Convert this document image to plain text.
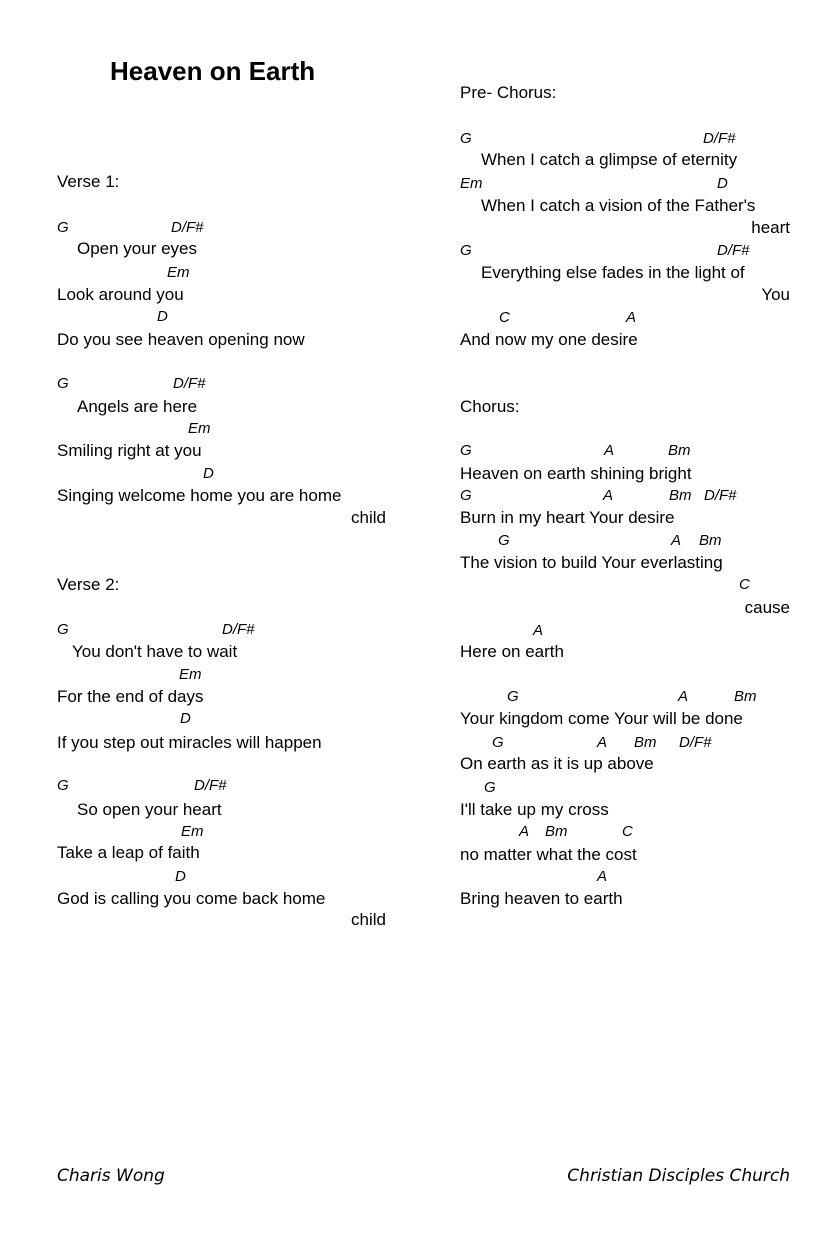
Heaven on Earth
Verse 1:
G	D/F#
Open your eyes
Em
Look around you
D
Do you see heaven opening now
G	D/F#
Angels are here
Em
Smiling right at you
D
Singing welcome home you are home
child
Verse 2:
G	D/F#
You don't have to wait
Em
For the end of days
D
If you step out miracles will happen
G	D/F#
So open your heart
Em
Take a leap of faith
D
God is calling you come back home
child
Pre- Chorus:
G	D/F#
When I catch a glimpse of eternity
Em	D
When I catch a vision of the Father's
heart
G	D/F#
Everything else fades in the light of
You
C	A
And now my one desire
Chorus:
G	A	Bm
Heaven on earth shining bright
G	A	Bm D/F#
Burn in my heart Your desire
G	A Bm
The vision to build Your everlasting
C
cause
A
Here on earth
G	A	Bm
Your kingdom come Your will be done
G	A Bm D/F#
On earth as it is up above
G
I'll take up my cross
A Bm	C
no matter what the cost
A
Bring heaven to earth
Charis Wong	Christian Disciples Church
